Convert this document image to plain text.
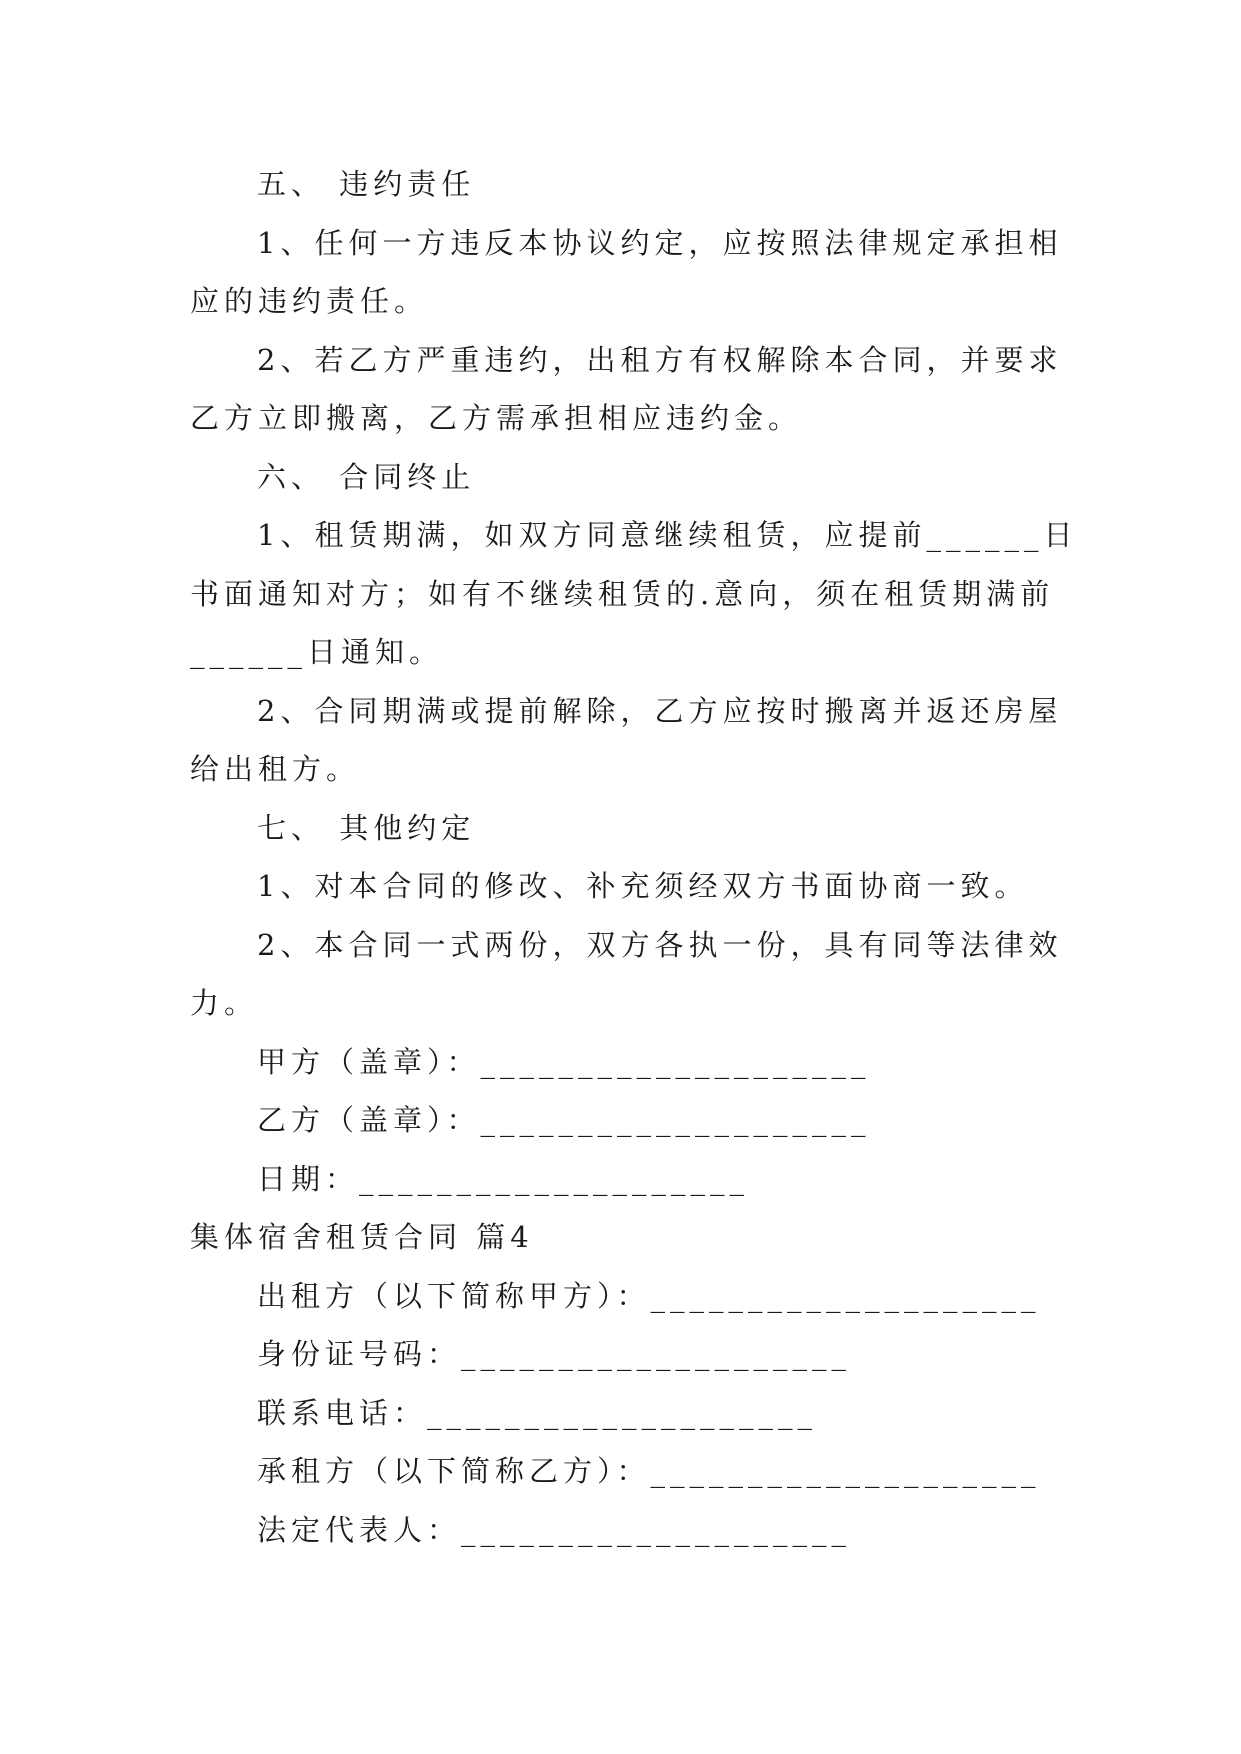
五、 违约责任
1、任何一方违反本协议约定，应按照法律规定承担相
应的违约责任。
2、若乙方严重违约，出租方有权解除本合同，并要求
乙方立即搬离，乙方需承担相应违约金。
六、 合同终止
1、租赁期满，如双方同意继续租赁，应提前______日
书面通知对方；如有不继续租赁的.意向，须在租赁期满前
______日通知。
2、合同期满或提前解除，乙方应按时搬离并返还房屋
给出租方。
七、 其他约定
1、对本合同的修改、补充须经双方书面协商一致。
2、本合同一式两份，双方各执一份，具有同等法律效
力。
甲方（盖章）：____________________
乙方（盖章）：____________________
日期：____________________
集体宿舍租赁合同 篇4
出租方（以下简称甲方）：____________________
身份证号码：____________________
联系电话：____________________
承租方（以下简称乙方）：____________________
法定代表人：____________________
